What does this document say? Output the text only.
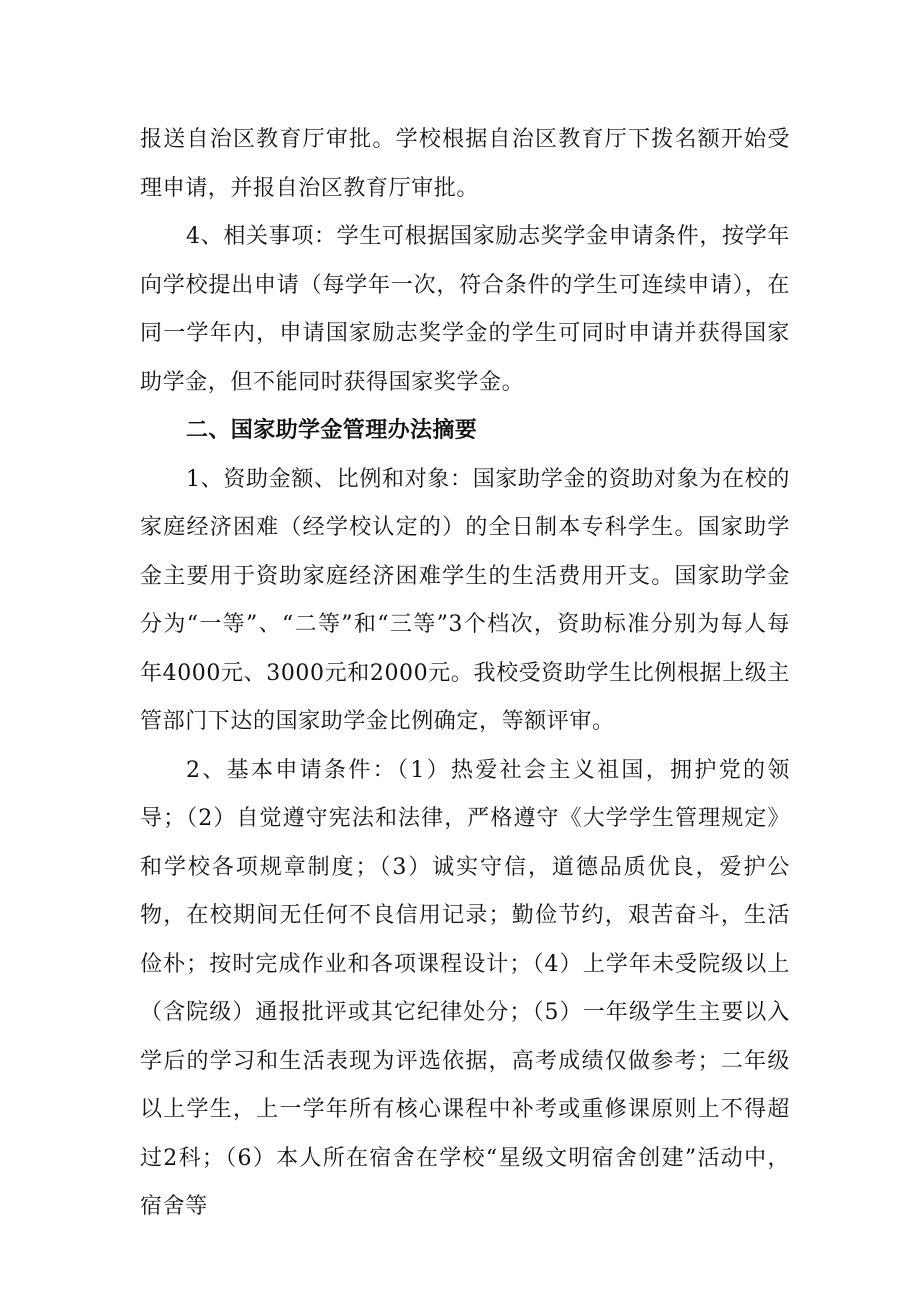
报送自治区教育厅审批。学校根据自治区教育厅下拨名额开始受理申请，并报自治区教育厅审批。

4、相关事项：学生可根据国家励志奖学金申请条件，按学年向学校提出申请（每学年一次，符合条件的学生可连续申请），在同一学年内，申请国家励志奖学金的学生可同时申请并获得国家助学金，但不能同时获得国家奖学金。

二、国家助学金管理办法摘要

1、资助金额、比例和对象：国家助学金的资助对象为在校的家庭经济困难（经学校认定的）的全日制本专科学生。国家助学金主要用于资助家庭经济困难学生的生活费用开支。国家助学金分为“一等”、“二等”和“三等”3个档次，资助标准分别为每人每年4000元、3000元和2000元。我校受资助学生比例根据上级主管部门下达的国家助学金比例确定，等额评审。

2、基本申请条件：（1）热爱社会主义祖国，拥护党的领导；（2）自觉遵守宪法和法律，严格遵守《大学学生管理规定》和学校各项规章制度；（3）诚实守信，道德品质优良，爱护公物，在校期间无任何不良信用记录；勤俭节约，艰苦奋斗，生活俭朴；按时完成作业和各项课程设计；（4）上学年未受院级以上（含院级）通报批评或其它纪律处分；（5）一年级学生主要以入学后的学习和生活表现为评选依据，高考成绩仅做参考；二年级以上学生，上一学年所有核心课程中补考或重修课原则上不得超过2科；（6）本人所在宿舍在学校“星级文明宿舍创建”活动中，宿舍等
